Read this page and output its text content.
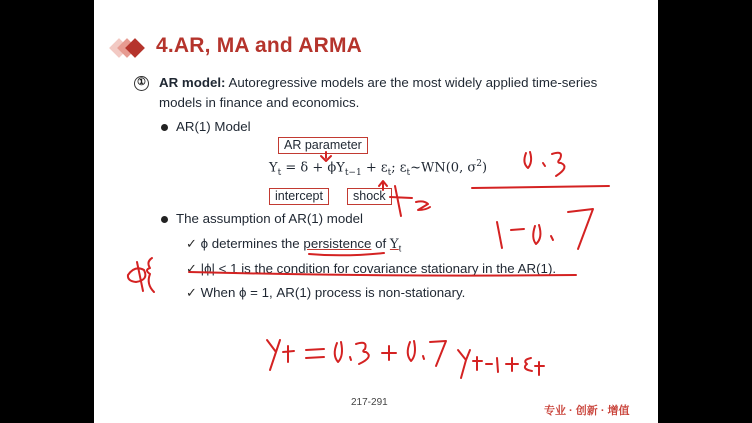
4.AR, MA and ARMA
① AR model: Autoregressive models are the most widely applied time-series
models in finance and economics.
AR(1) Model
AR parameter
$Y_t = \delta + \phi Y_{t-1} + \varepsilon_t$; $\varepsilon_t\sim WN(0$, $\sigma^2$)
intercept	shock
The assumption of AR(1) model
✓ ϕ determines the persistence of $Y_t$
✓ |ϕ| < 1 is the condition for covariance stationary in the AR(1).
✓ When ϕ = 1, AR(1) process is non-stationary.
217-291
专业 · 创新 · 增值
